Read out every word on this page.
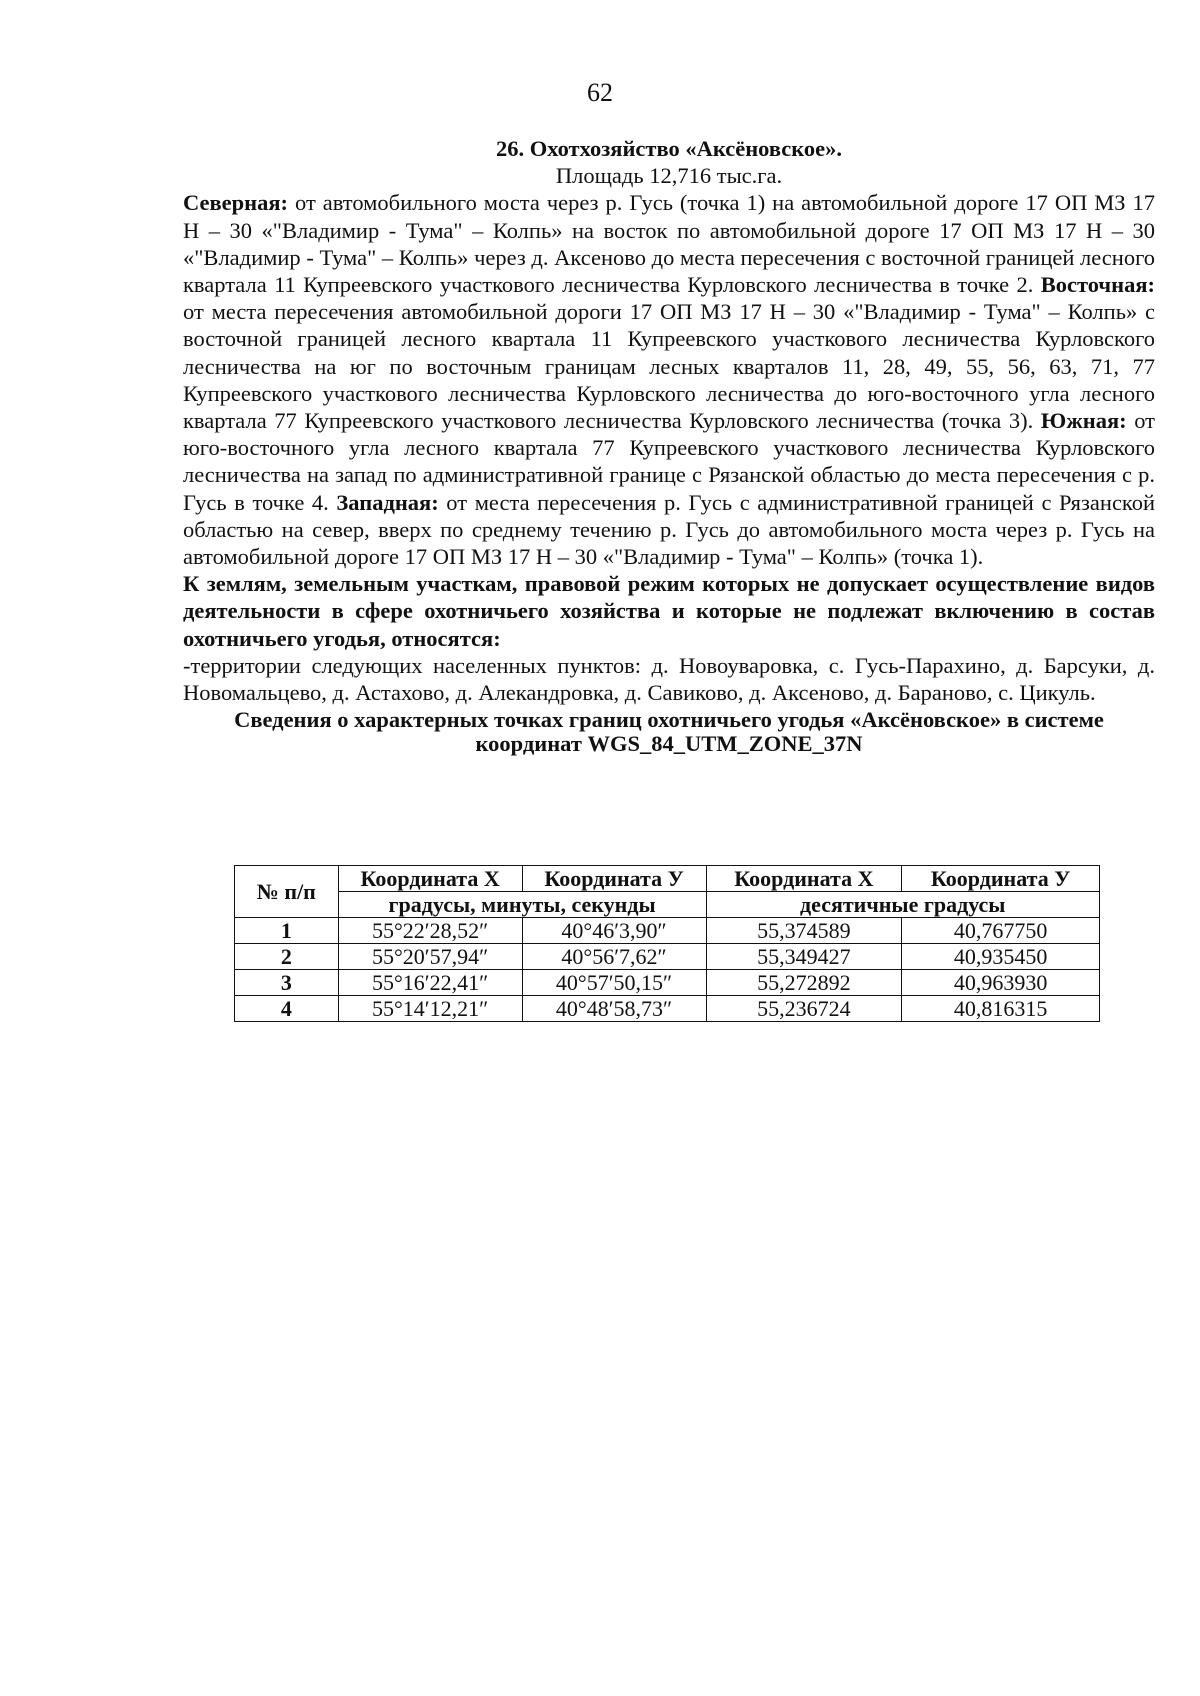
62
26. Охотхозяйство «Аксёновское».
Площадь 12,716 тыс.га.

Северная: от автомобильного моста через р. Гусь (точка 1) на автомобильной дороге 17 ОП МЗ 17 Н – 30 «"Владимир - Тума" – Колпь» на восток по автомобильной дороге 17 ОП МЗ 17 Н – 30 «"Владимир - Тума" – Колпь» через д. Аксеново до места пересечения с восточной границей лесного квартала 11 Купреевского участкового лесничества Курловского лесничества в точке 2. Восточная: от места пересечения автомобильной дороги 17 ОП МЗ 17 Н – 30 «"Владимир - Тума" – Колпь» с восточной границей лесного квартала 11 Купреевского участкового лесничества Курловского лесничества на юг по восточным границам лесных кварталов 11, 28, 49, 55, 56, 63, 71, 77 Купреевского участкового лесничества Курловского лесничества до юго-восточного угла лесного квартала 77 Купреевского участкового лесничества Курловского лесничества (точка 3). Южная: от юго-восточного угла лесного квартала 77 Купреевского участкового лесничества Курловского лесничества на запад по административной границе с Рязанской областью до места пересечения с р. Гусь в точке 4. Западная: от места пересечения р. Гусь с административной границей с Рязанской областью на север, вверх по среднему течению р. Гусь до автомобильного моста через р. Гусь на автомобильной дороге 17 ОП МЗ 17 Н – 30 «"Владимир - Тума" – Колпь» (точка 1).

К землям, земельным участкам, правовой режим которых не допускает осуществление видов деятельности в сфере охотничьего хозяйства и которые не подлежат включению в состав охотничьего угодья, относятся:

-территории следующих населенных пунктов: д. Новоуваровка, с. Гусь-Парахино, д. Барсуки, д. Новомальцево, д. Астахово, д. Алекандровка, д. Савиково, д. Аксеново, д. Бараново, с. Цикуль.

Сведения о характерных точках границ охотничьего угодья «Аксёновское» в системе
координат WGS_84_UTM_ZONE_37N
№ п/п	Координата Х	Координата У	Координата Х	Координата У
	градусы, минуты, секунды		десятичные градусы	
1	55°22′28,52″	40°46′3,90″	55,374589	40,767750
2	55°20′57,94″	40°56′7,62″	55,349427	40,935450
3	55°16′22,41″	40°57′50,15″	55,272892	40,963930
4	55°14′12,21″	40°48′58,73″	55,236724	40,816315
